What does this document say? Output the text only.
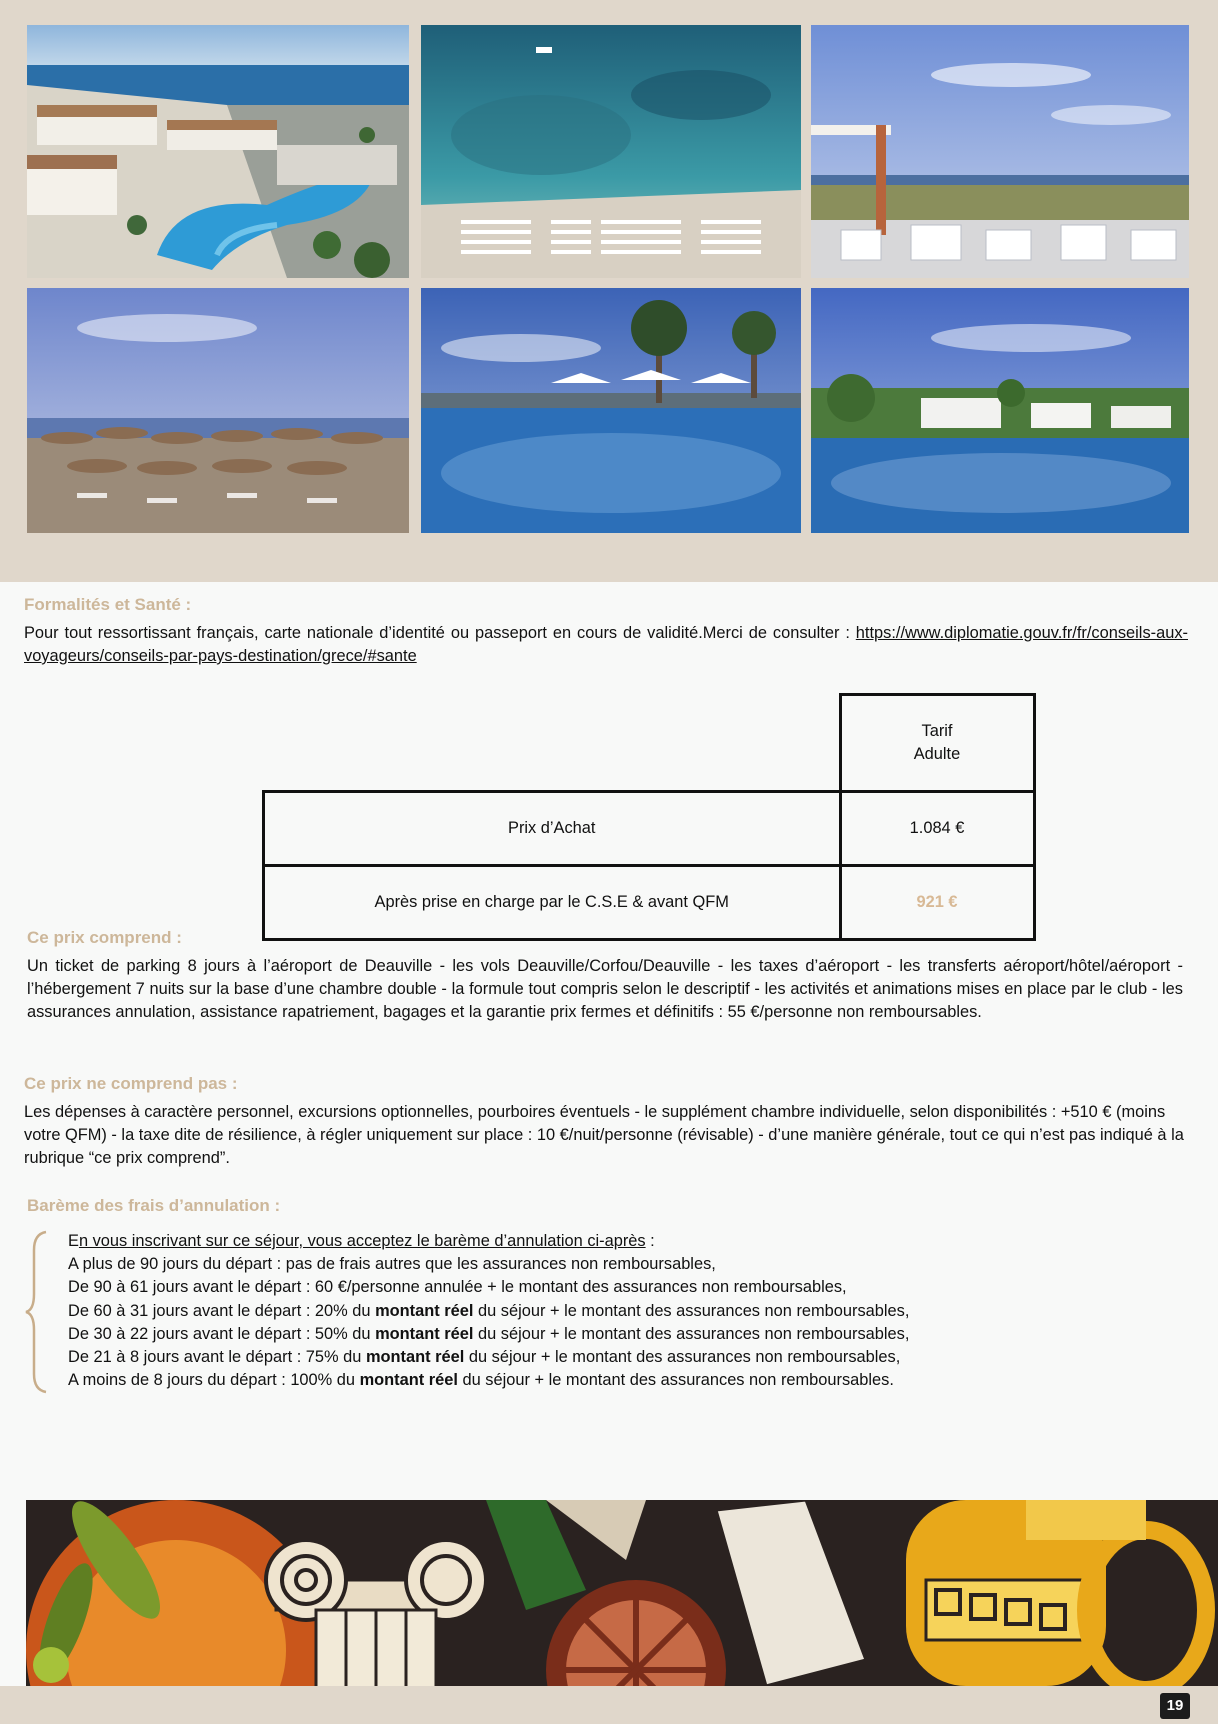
Formalités et Santé :
Pour tout ressortissant français, carte nationale d’identité ou passeport en cours de validité.Merci de consulter : https://www.diplomatie.gouv.fr/fr/conseils-aux-voyageurs/conseils-par-pays-destination/grece/#sante

	Tarif
Adulte

Prix d’Achat	1.084 €
Après prise en charge par le C.S.E & avant QFM	921 €
Ce prix comprend :
Un ticket de parking 8 jours à l’aéroport de Deauville - les vols Deauville/Corfou/Deauville - les taxes d’aéroport - les transferts aéroport/hôtel/aéroport - l’hébergement 7 nuits sur la base d’une chambre double - la formule tout compris selon le descriptif - les activités et animations mises en place par le club - les assurances annulation, assistance rapatriement, bagages et la garantie prix fermes et définitifs : 55 €/personne non remboursables.
Ce prix ne comprend pas :
Les dépenses à caractère personnel, excursions optionnelles, pourboires éventuels - le supplément chambre individuelle, selon disponibilités : +510 € (moins votre QFM) - la taxe dite de résilience, à régler uniquement sur place : 10 €/nuit/personne (révisable) - d’une manière générale, tout ce qui n’est pas indiqué à la rubrique “ce prix comprend”.
Barème des frais d’annulation :
En vous inscrivant sur ce séjour, vous acceptez le barème d’annulation ci-après :
A plus de 90 jours du départ : pas de frais autres que les assurances non remboursables,
De 90 à 61 jours avant le départ : 60 €/personne annulée + le montant des assurances non remboursables,
De 60 à 31 jours avant le départ : 20% du montant réel du séjour + le montant des assurances non remboursables,
De 30 à 22 jours avant le départ : 50% du montant réel du séjour + le montant des assurances non remboursables,
De 21 à 8 jours avant le départ : 75% du montant réel du séjour + le montant des assurances non remboursables,
A moins de 8 jours du départ : 100% du montant réel du séjour + le montant des assurances non remboursables.
19
